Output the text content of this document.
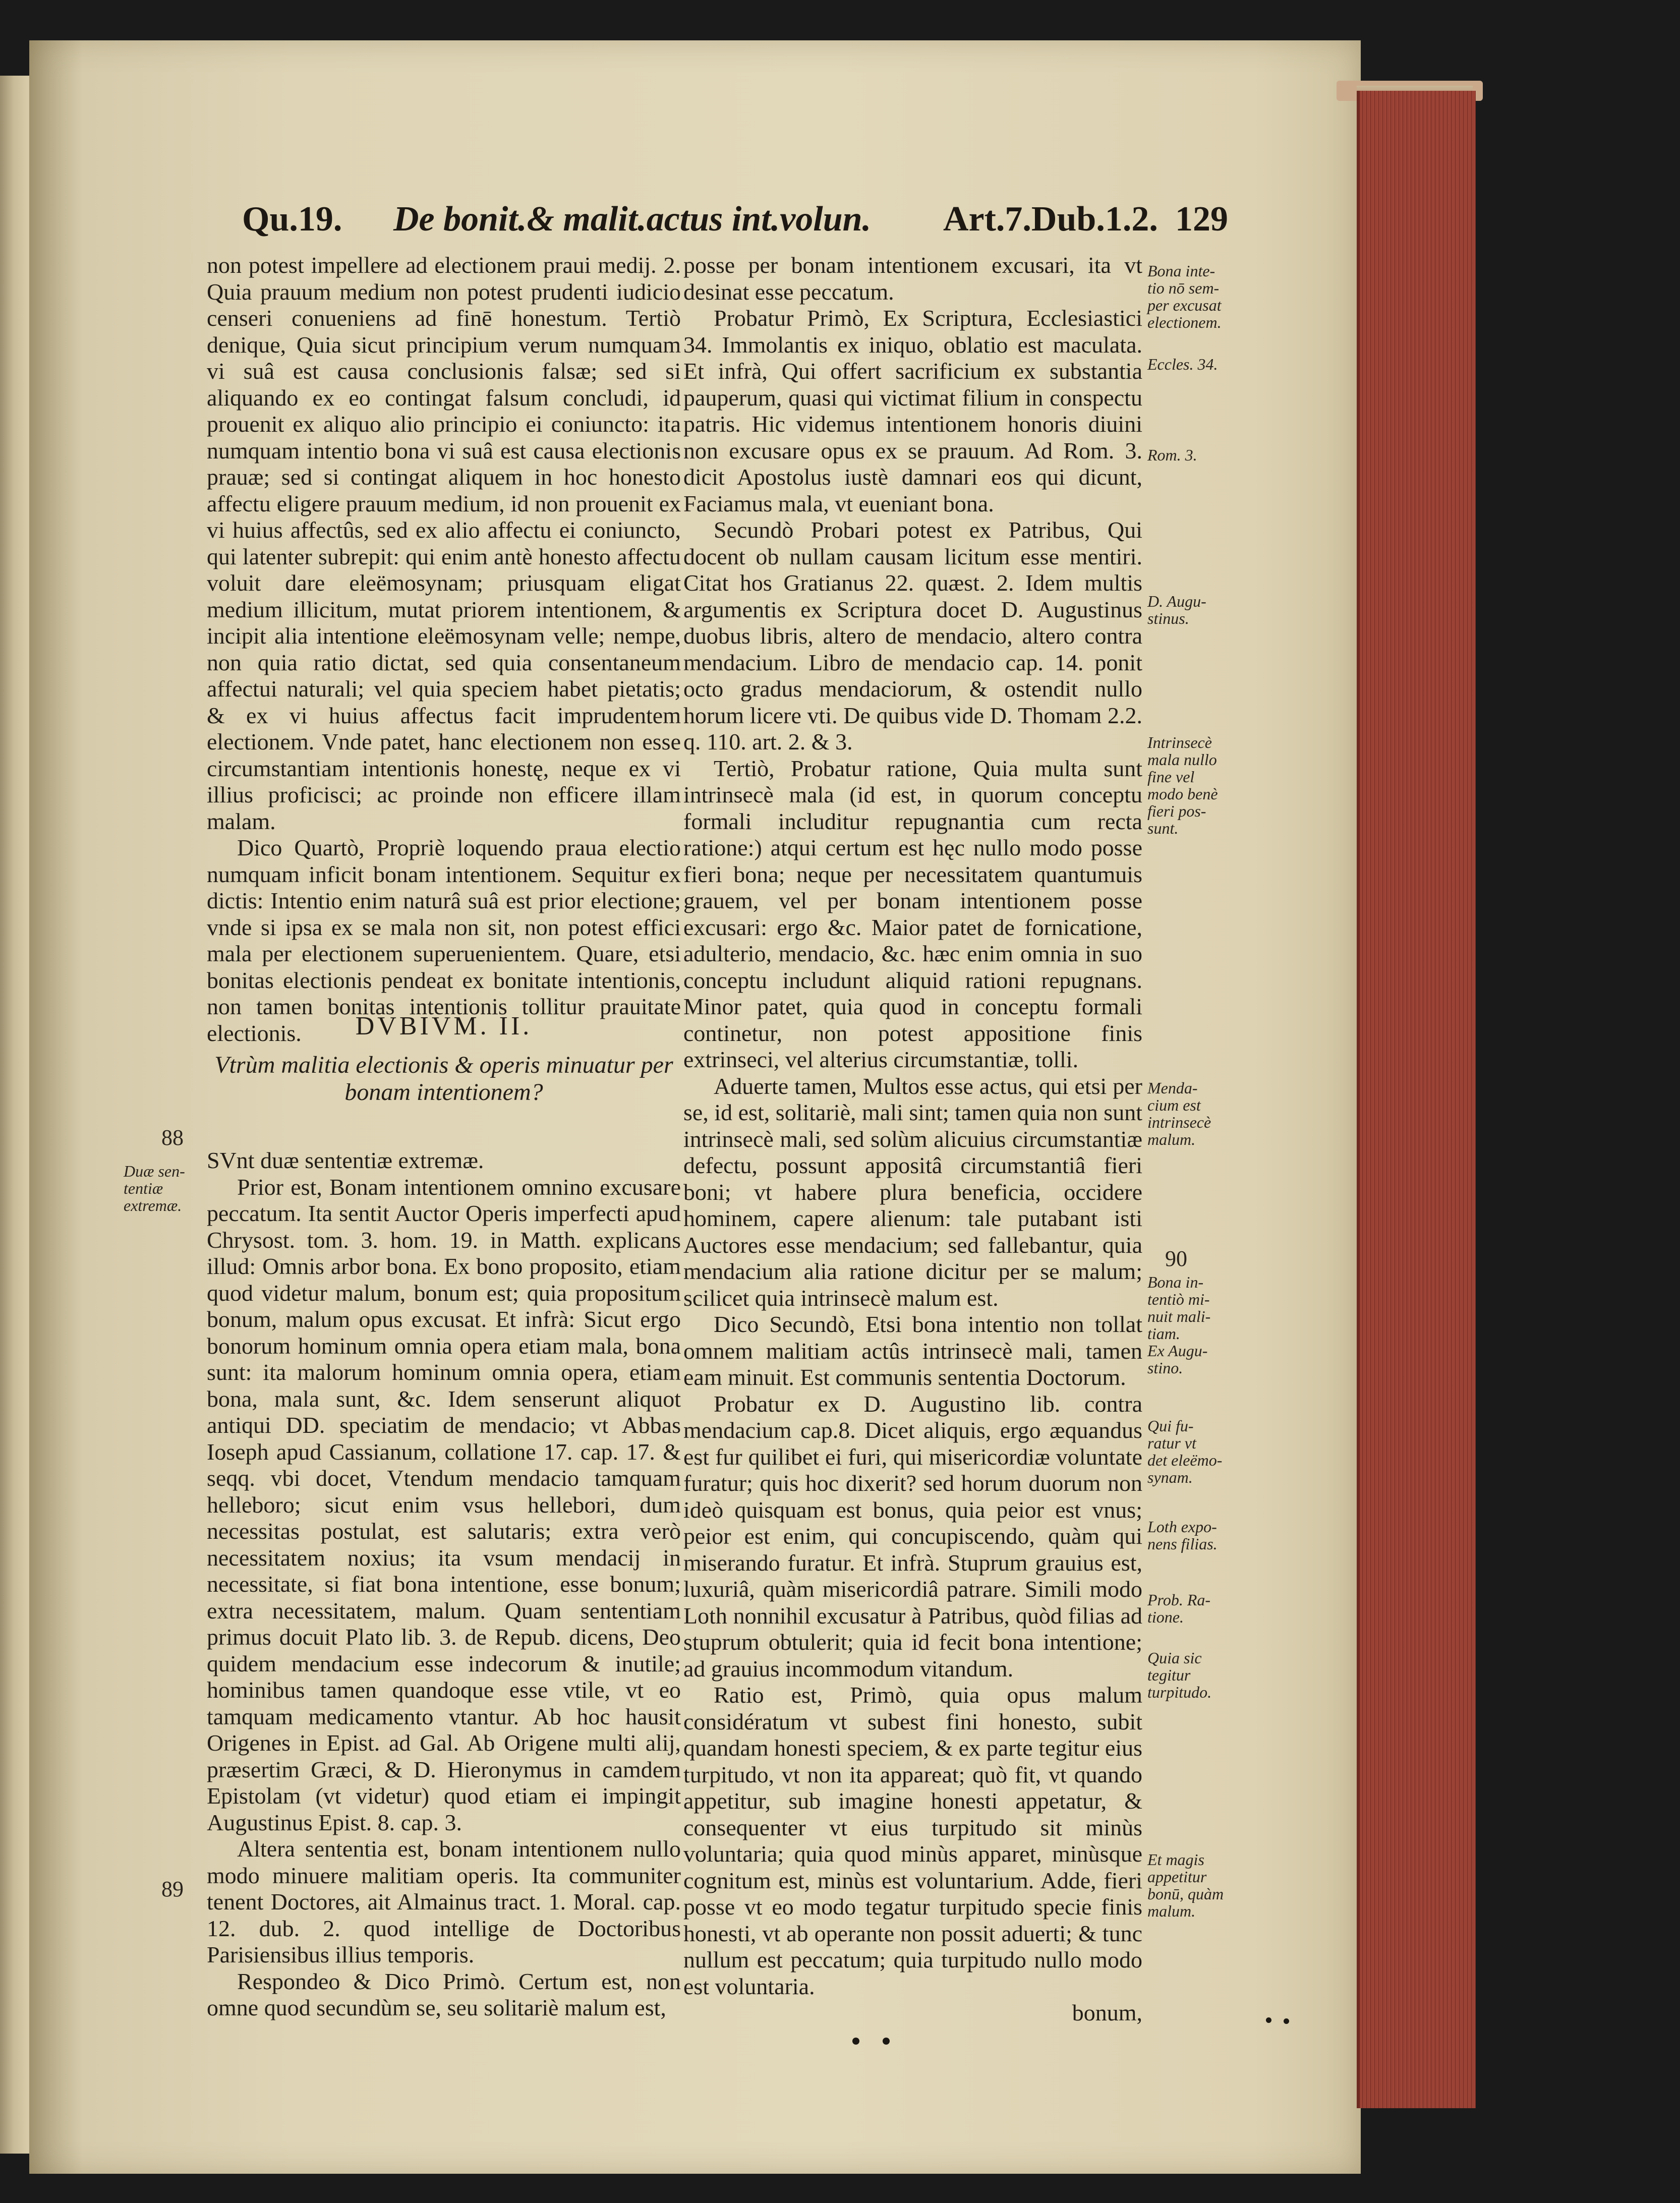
Qu.19. De bonit.& malit.actus int.volun. Art.7.Dub.1.2. 129

non potest impellere ad electionem praui medij. 2. Quia prauum medium non potest prudenti iudicio censeri conueniens ad finē honestum. Tertiò denique, Quia sicut principium verum numquam vi suâ est causa conclusionis falsæ; sed si aliquando ex eo contingat falsum concludi, id prouenit ex aliquo alio principio ei coniuncto: ita numquam intentio bona vi suâ est causa electionis prauæ; sed si contingat aliquem in hoc honesto affectu eligere prauum medium, id non prouenit ex vi huius affectûs, sed ex alio affectu ei coniuncto, qui latenter subrepit: qui enim antè honesto affectu voluit dare eleëmosynam; priusquam eligat medium illicitum, mutat priorem intentionem, & incipit alia intentione eleëmosynam velle; nempe, non quia ratio dictat, sed quia consentaneum affectui naturali; vel quia speciem habet pietatis; & ex vi huius affectus facit imprudentem electionem. Vnde patet, hanc electionem non esse circumstantiam intentionis honestę, neque ex vi illius proficisci; ac proinde non efficere illam malam.

Dico Quartò, Propriè loquendo praua electio numquam inficit bonam intentionem. Sequitur ex dictis: Intentio enim naturâ suâ est prior electione; vnde si ipsa ex se mala non sit, non potest effici mala per electionem superuenientem. Quare, etsi bonitas electionis pendeat ex bonitate intentionis, non tamen bonitas intentionis tollitur prauitate electionis.

SVnt duæ sententiæ extremæ.

Prior est, Bonam intentionem omnino excusare peccatum. Ita sentit Auctor Operis imperfecti apud Chrysost. tom. 3. hom. 19. in Matth. explicans illud: Omnis arbor bona. Ex bono proposito, etiam quod videtur malum, bonum est; quia propositum bonum, malum opus excusat. Et infrà: Sicut ergo bonorum hominum omnia opera etiam mala, bona sunt: ita malorum hominum omnia opera, etiam bona, mala sunt, &c. Idem senserunt aliquot antiqui DD. speciatim de mendacio; vt Abbas Ioseph apud Cassianum, collatione 17. cap. 17. & seqq. vbi docet, Vtendum mendacio tamquam helleboro; sicut enim vsus hellebori, dum necessitas postulat, est salutaris; extra verò necessitatem noxius; ita vsum mendacij in necessitate, si fiat bona intentione, esse bonum; extra necessitatem, malum. Quam sententiam primus docuit Plato lib. 3. de Repub. dicens, Deo quidem mendacium esse indecorum & inutile; hominibus tamen quandoque esse vtile, vt eo tamquam medicamento vtantur. Ab hoc hausit Origenes in Epist. ad Gal. Ab Origene multi alij, præsertim Græci, & D. Hieronymus in camdem Epistolam (vt videtur) quod etiam ei impingit Augustinus Epist. 8. cap. 3.

Altera sententia est, bonam intentionem nullo modo minuere malitiam operis. Ita communiter tenent Doctores, ait Almainus tract. 1. Moral. cap. 12. dub. 2. quod intellige de Doctoribus Parisiensibus illius temporis.

Respondeo & Dico Primò. Certum est, non omne quod secundùm se, seu solitariè malum est,

DVBIVM. II.
Vtrùm malitia electionis & operis minuatur per bonam intentionem?

posse per bonam intentionem excusari, ita vt desinat esse peccatum.

Probatur Primò, Ex Scriptura, Ecclesiastici 34. Immolantis ex iniquo, oblatio est maculata. Et infrà, Qui offert sacrificium ex substantia pauperum, quasi qui victimat filium in conspectu patris. Hic videmus intentionem honoris diuini non excusare opus ex se prauum. Ad Rom. 3. dicit Apostolus iustè damnari eos qui dicunt, Faciamus mala, vt eueniant bona.

Secundò Probari potest ex Patribus, Qui docent ob nullam causam licitum esse mentiri. Citat hos Gratianus 22. quæst. 2. Idem multis argumentis ex Scriptura docet D. Augustinus duobus libris, altero de mendacio, altero contra mendacium. Libro de mendacio cap. 14. ponit octo gradus mendaciorum, & ostendit nullo horum licere vti. De quibus vide D. Thomam 2.2. q. 110. art. 2. & 3.

Tertiò, Probatur ratione, Quia multa sunt intrinsecè mala (id est, in quorum conceptu formali includitur repugnantia cum recta ratione:) atqui certum est hęc nullo modo posse fieri bona; neque per necessitatem quantumuis grauem, vel per bonam intentionem posse excusari: ergo &c. Maior patet de fornicatione, adulterio, mendacio, &c. hæc enim omnia in suo conceptu includunt aliquid rationi repugnans. Minor patet, quia quod in conceptu formali continetur, non potest appositione finis extrinseci, vel alterius circumstantiæ, tolli.

Aduerte tamen, Multos esse actus, qui etsi per se, id est, solitariè, mali sint; tamen quia non sunt intrinsecè mali, sed solùm alicuius circumstantiæ defectu, possunt appositâ circumstantiâ fieri boni; vt habere plura beneficia, occidere hominem, capere alienum: tale putabant isti Auctores esse mendacium; sed fallebantur, quia mendacium alia ratione dicitur per se malum; scilicet quia intrinsecè malum est.

Dico Secundò, Etsi bona intentio non tollat omnem malitiam actûs intrinsecè mali, tamen eam minuit. Est communis sententia Doctorum.

Probatur ex D. Augustino lib. contra mendacium cap.8. Dicet aliquis, ergo æquandus est fur quilibet ei furi, qui misericordiæ voluntate furatur; quis hoc dixerit? sed horum duorum non ideò quisquam est bonus, quia peior est vnus; peior est enim, qui concupiscendo, quàm qui miserando furatur. Et infrà. Stuprum grauius est, luxuriâ, quàm misericordiâ patrare. Simili modo Loth nonnihil excusatur à Patribus, quòd filias ad stuprum obtulerit; quia id fecit bona intentione; ad grauius incommodum vitandum.

Ratio est, Primò, quia opus malum considératum vt subest fini honesto, subit quandam honesti speciem, & ex parte tegitur eius turpitudo, vt non ita appareat; quò fit, vt quando appetitur, sub imagine honesti appetatur, & consequenter vt eius turpitudo sit minùs voluntaria; quia quod minùs apparet, minùsque cognitum est, minùs est voluntarium. Adde, fieri posse vt eo modo tegatur turpitudo specie finis honesti, vt ab operante non possit aduerti; & tunc nullum est peccatum; quia turpitudo nullo modo est voluntaria.

bonum,

88

Duæ sen-

tentiæ

extremæ.

89

Bona inte-

tio nō sem-

per excusat

electionem.

Eccles. 34.

Rom. 3.

D. Augu-

stinus.

Intrinsecè

mala nullo

fine vel

modo benè

fieri pos-

sunt.

Menda-

cium est

intrinsecè

malum.

90

Bona in-

tentiò mi-

nuit mali-

tiam.

Ex Augu-

stino.

Qui fu-

ratur vt

det eleëmo-

synam.

Loth expo-

nens filias.

Prob. Ra-

tione.

Quia sic

tegitur

turpitudo.

Et magis

appetitur

bonū, quàm

malum.
